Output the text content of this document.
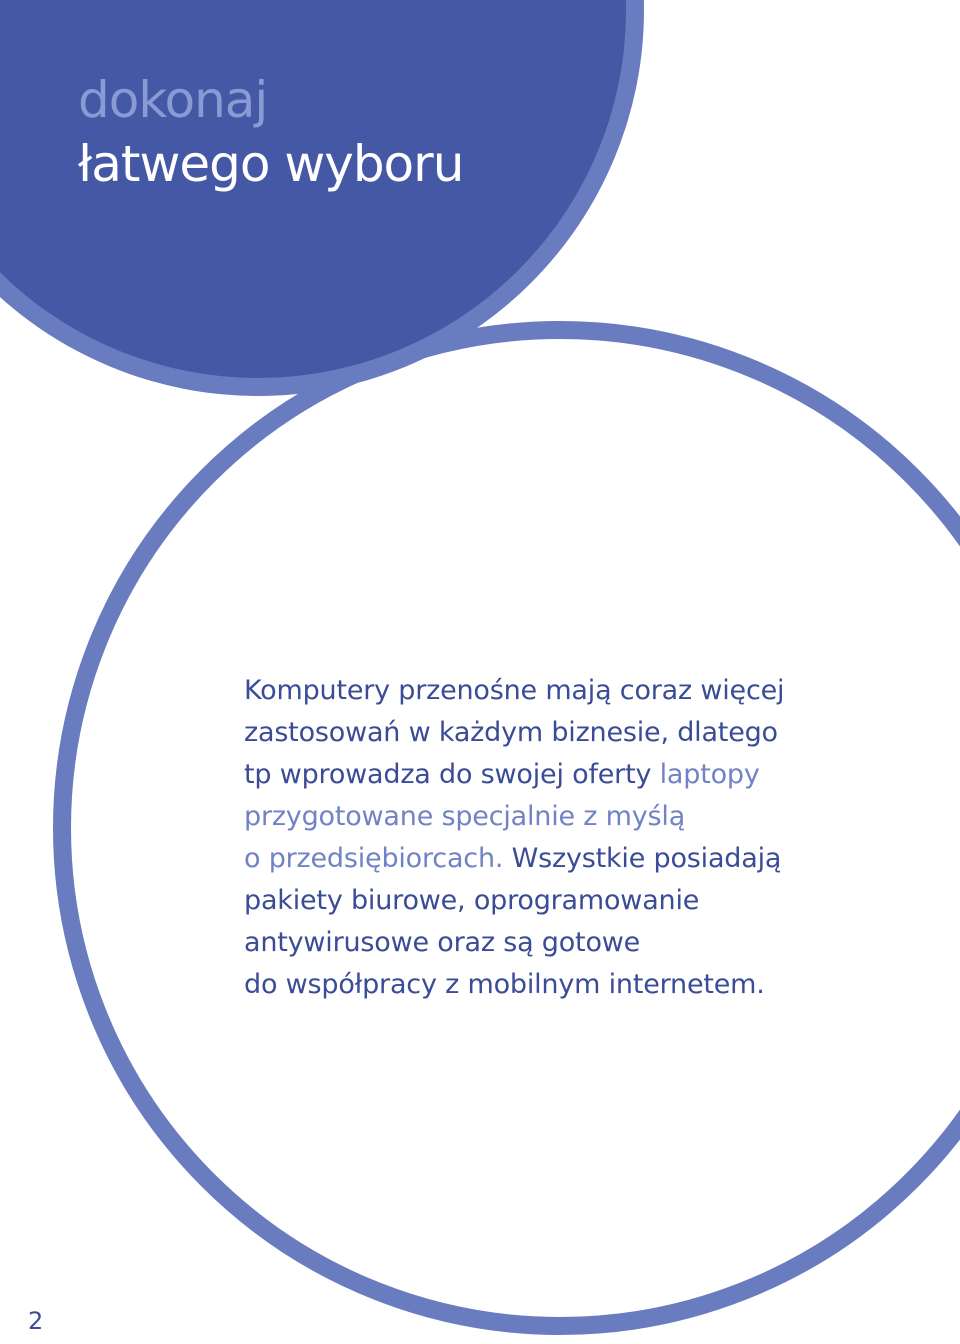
dokonaj
łatwego wyboru

Komputery przenośne mają coraz więcej
zastosowań w każdym biznesie, dlatego
tp wprowadza do swojej oferty laptopy
przygotowane specjalnie z myślą
o przedsiębiorcach. Wszystkie posiadają
pakiety biurowe, oprogramowanie
antywirusowe oraz są gotowe
do współpracy z mobilnym internetem.

2
